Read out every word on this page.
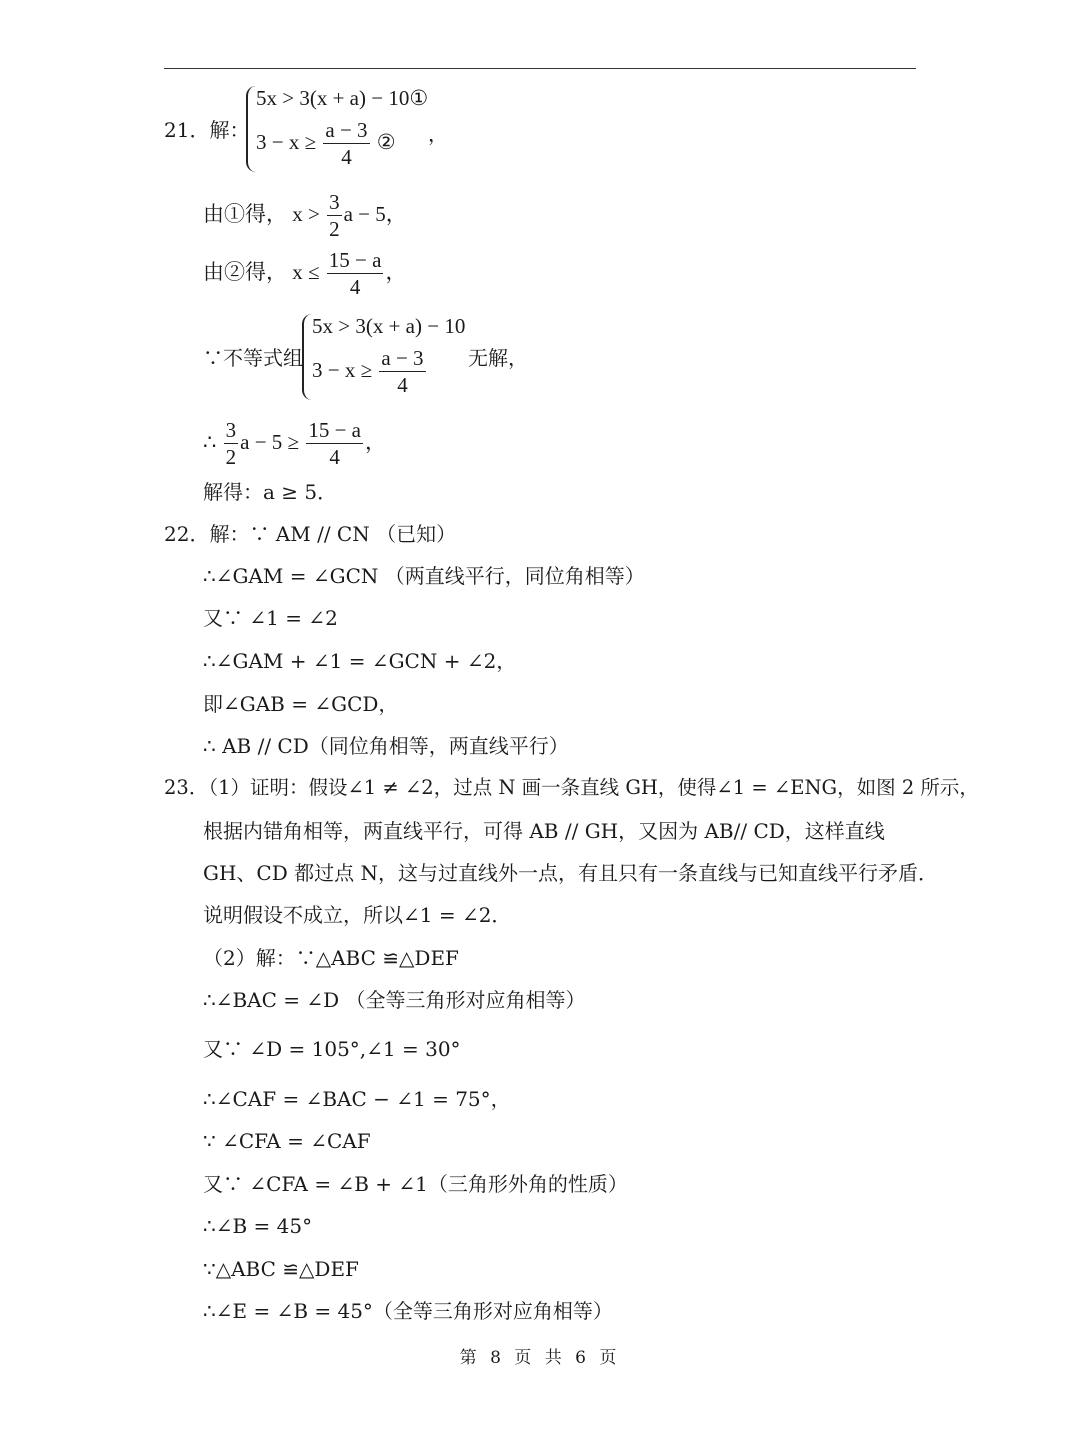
21．解：
5x > 3(x + a) − 10①
$3 - x \ge \frac{a - 3}{4}$ ② ，
由①得， $x > \frac{3}{2}$ a − 5，
由②得， $x \le \frac{15 - a}{4}$ ，
∵不等式组
5x > 3(x + a) − 10
$3 - x \ge \frac{a - 3}{4}$ 无解，
∴ $\frac{3}{2}$ $a - 5 \ge \frac{15 - a}{4}$ ，
解得：a ≥ 5．
22．解：∵ AM // CN （已知）
∴∠GAM = ∠GCN （两直线平行，同位角相等）
又∵ ∠1 = ∠2
∴∠GAM + ∠1 = ∠GCN + ∠2，
即∠GAB = ∠GCD，
∴ AB // CD（同位角相等，两直线平行）
23．（1）证明：假设∠1 ≠ ∠2，过点 N 画一条直线 GH，使得∠1 = ∠ENG，如图 2 所示，
根据内错角相等，两直线平行，可得 AB // GH，又因为 AB// CD，这样直线
GH、CD 都过点 N，这与过直线外一点，有且只有一条直线与已知直线平行矛盾．
说明假设不成立，所以∠1 = ∠2．
（2）解：∵△ABC ≌△DEF
∴∠BAC = ∠D （全等三角形对应角相等）
又∵ ∠D = 105°,∠1 = 30°
∴∠CAF = ∠BAC − ∠1 = 75°，
∵ ∠CFA = ∠CAF
又∵ ∠CFA = ∠B + ∠1（三角形外角的性质）
∴∠B = 45°
∵△ABC ≌△DEF
∴∠E = ∠B = 45°（全等三角形对应角相等）
第 8 页 共 6 页
